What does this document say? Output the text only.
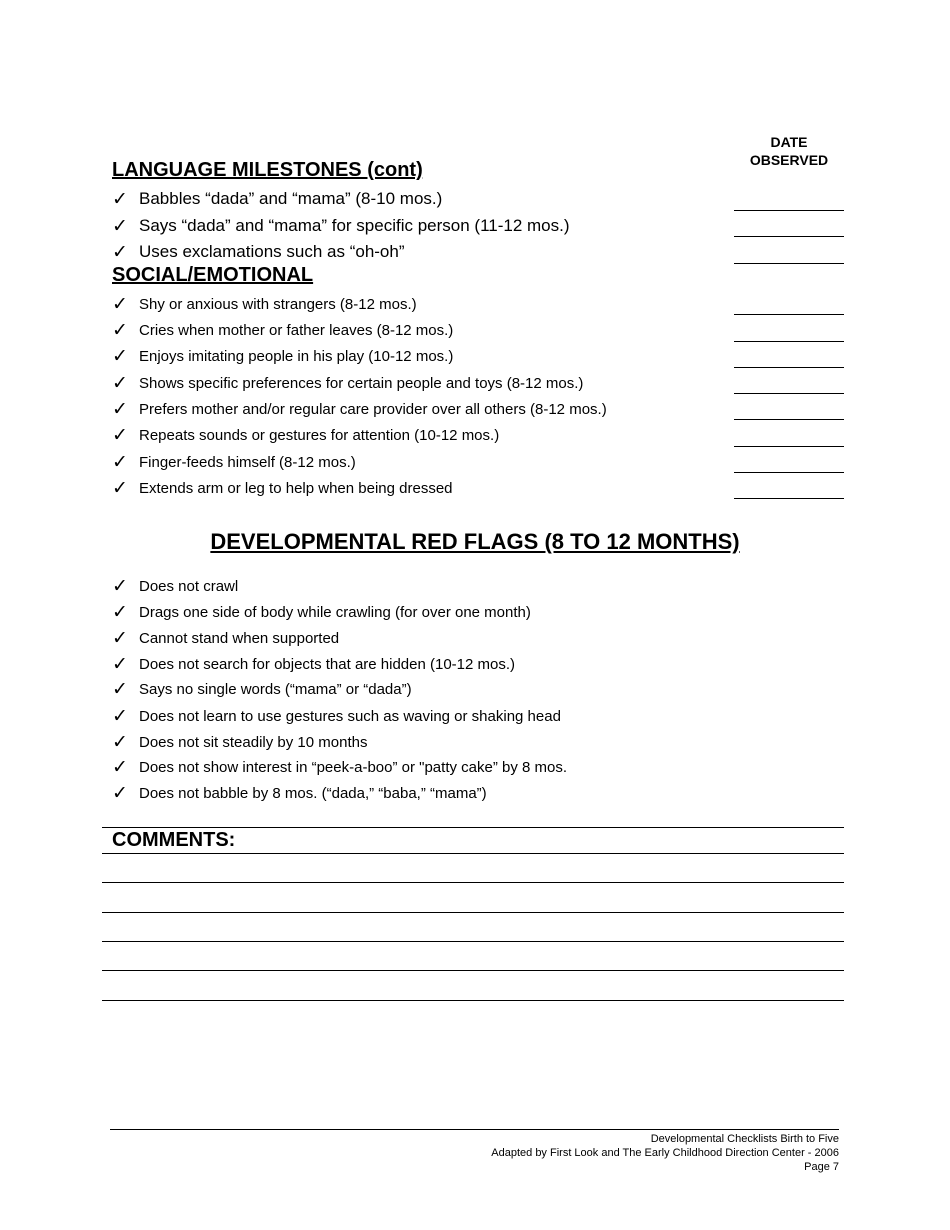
DATE
OBSERVED
LANGUAGE MILESTONES (cont)
✓ Babbles “dada” and “mama” (8-10 mos.)
✓ Says “dada” and “mama” for specific person (11-12 mos.)
✓ Uses exclamations such as “oh-oh”
SOCIAL/EMOTIONAL
✓ Shy or anxious with strangers (8-12 mos.)
✓ Cries when mother or father leaves (8-12 mos.)
✓ Enjoys imitating people in his play (10-12 mos.)
✓ Shows specific preferences for certain people and toys (8-12 mos.)
✓ Prefers mother and/or regular care provider over all others (8-12 mos.)
✓ Repeats sounds or gestures for attention (10-12 mos.)
✓ Finger-feeds himself (8-12 mos.)
✓ Extends arm or leg to help when being dressed
DEVELOPMENTAL RED FLAGS (8 TO 12 MONTHS)
✓ Does not crawl
✓ Drags one side of body while crawling (for over one month)
✓ Cannot stand when supported
✓ Does not search for objects that are hidden (10-12 mos.)
✓ Says no single words (“mama” or “dada”)
✓ Does not learn to use gestures such as waving or shaking head
✓ Does not sit steadily by 10 months
✓ Does not show interest in “peek-a-boo” or "patty cake” by 8 mos.
✓ Does not babble by 8 mos. (“dada,” “baba,” “mama”)
COMMENTS:
Developmental Checklists Birth to Five
Adapted by First Look and The Early Childhood Direction Center - 2006
Page 7
